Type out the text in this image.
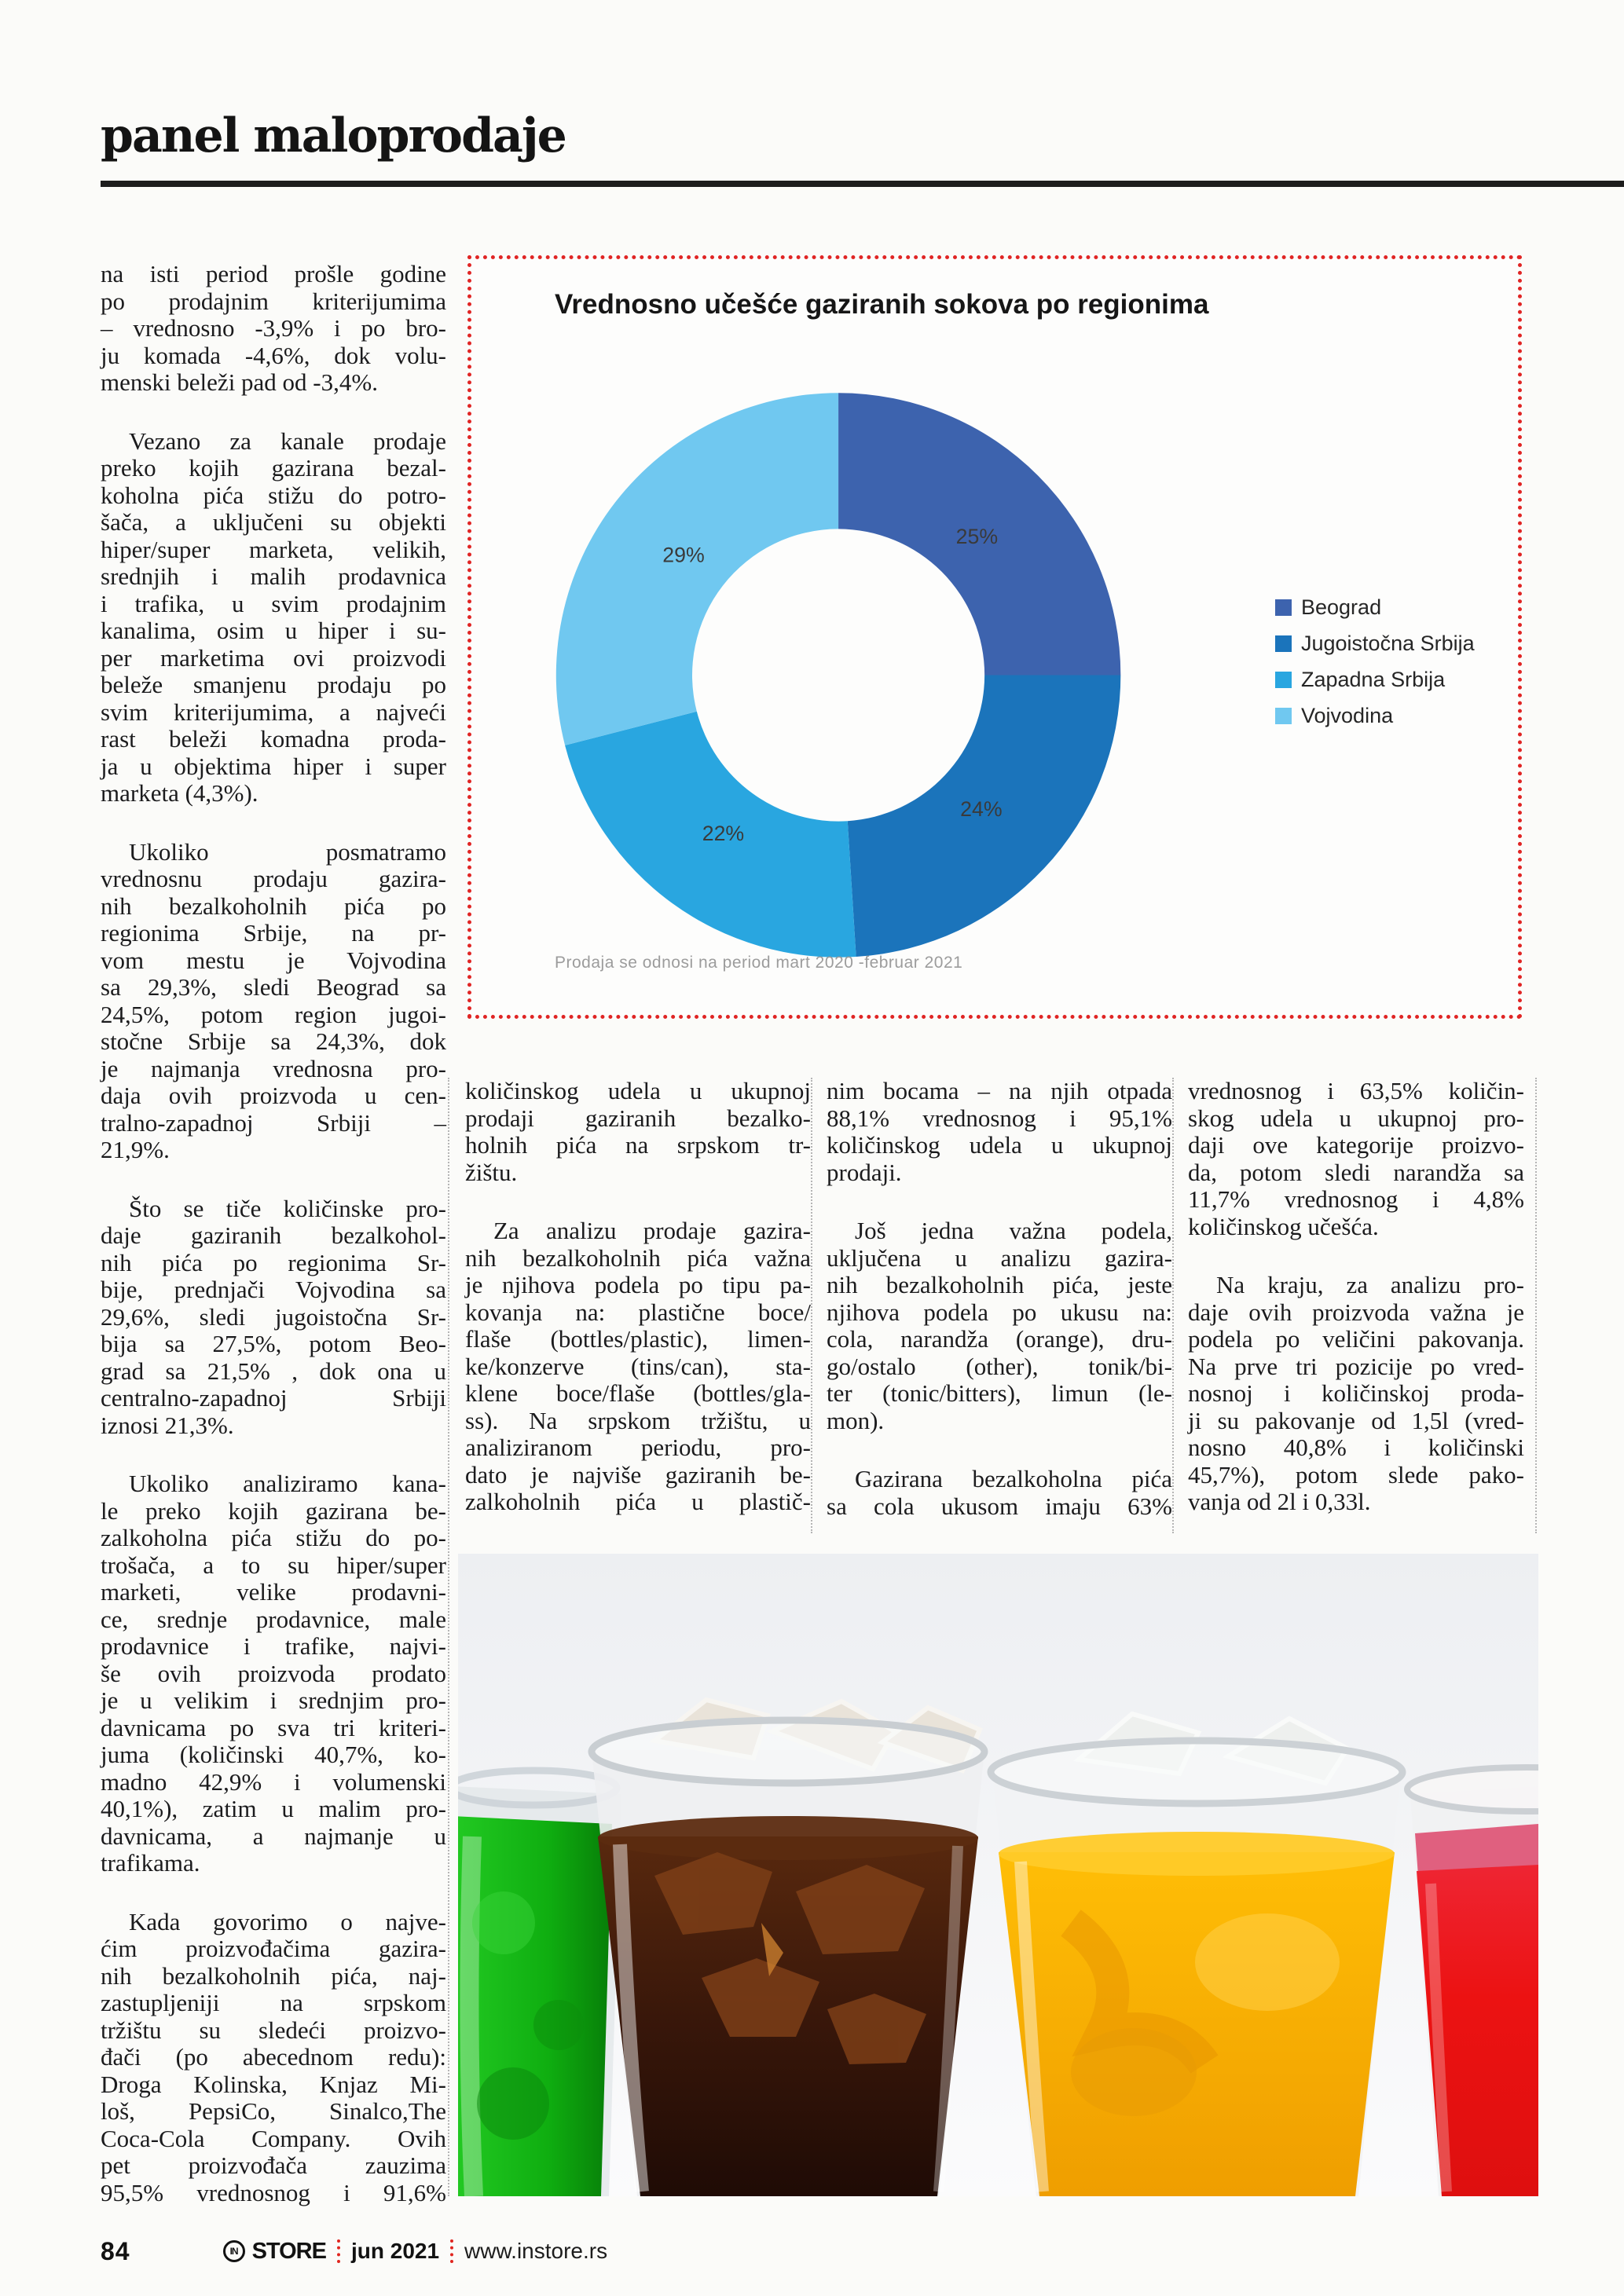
panel maloprodaje
Vrednosno učešće gaziranih sokova po regionima
25%
24%
22%
29%
Beograd
Jugoistočna Srbija
Zapadna Srbija
Vojvodina
Prodaja se odnosi na period mart 2020 -februar 2021
na isti period prošle godine
po prodajnim kriterijumima
– vrednosno -3,9% i po bro-
ju komada -4,6%, dok volu-
menski beleži pad od -3,4%.
Vezano za kanale prodaje
preko kojih gazirana bezal-
koholna pića stižu do potro-
šača, a uključeni su objekti
hiper/super marketa, velikih,
srednjih i malih prodavnica
i trafika, u svim prodajnim
kanalima, osim u hiper i su-
per marketima ovi proizvodi
beleže smanjenu prodaju po
svim kriterijumima, a najveći
rast beleži komadna proda-
ja u objektima hiper i super
marketa (4,3%).
Ukoliko posmatramo
vrednosnu prodaju gazira-
nih bezalkoholnih pića po
regionima Srbije, na pr-
vom mestu je Vojvodina
sa 29,3%, sledi Beograd sa
24,5%, potom region jugoi-
stočne Srbije sa 24,3%, dok
je najmanja vrednosna pro-
daja ovih proizvoda u cen-
tralno-zapadnoj Srbiji –
21,9%.
Što se tiče količinske pro-
daje gaziranih bezalkohol-
nih pića po regionima Sr-
bije, prednjači Vojvodina sa
29,6%, sledi jugoistočna Sr-
bija sa 27,5%, potom Beo-
grad sa 21,5% , dok ona u
centralno-zapadnoj Srbiji
iznosi 21,3%.
Ukoliko analiziramo kana-
le preko kojih gazirana be-
zalkoholna pića stižu do po-
trošača, a to su hiper/super
marketi, velike prodavni-
ce, srednje prodavnice, male
prodavnice i trafike, najvi-
še ovih proizvoda prodato
je u velikim i srednjim pro-
davnicama po sva tri kriteri-
juma (količinski 40,7%, ko-
madno 42,9% i volumenski
40,1%), zatim u malim pro-
davnicama, a najmanje u
trafikama.
Kada govorimo o najve-
ćim proizvođačima gazira-
nih bezalkoholnih pića, naj-
zastupljeniji na srpskom
tržištu su sledeći proizvo-
đači (po abecednom redu):
Droga Kolinska, Knjaz Mi-
loš, PepsiCo, Sinalco,The
Coca-Cola Company. Ovih
pet proizvođača zauzima
95,5% vrednosnog i 91,6%
količinskog udela u ukupnoj
prodaji gaziranih bezalko-
holnih pića na srpskom tr-
žištu.
Za analizu prodaje gazira-
nih bezalkoholnih pića važna
je njihova podela po tipu pa-
kovanja na: plastične boce/
flaše (bottles/plastic), limen-
ke/konzerve (tins/can), sta-
klene boce/flaše (bottles/gla-
ss). Na srpskom tržištu, u
analiziranom periodu, pro-
dato je najviše gaziranih be-
zalkoholnih pića u plastič-
nim bocama – na njih otpada
88,1% vrednosnog i 95,1%
količinskog udela u ukupnoj
prodaji.
Još jedna važna podela,
uključena u analizu gazira-
nih bezalkoholnih pića, jeste
njihova podela po ukusu na:
cola, narandža (orange), dru-
go/ostalo (other), tonik/bi-
ter (tonic/bitters), limun (le-
mon).
Gazirana bezalkoholna pića
sa cola ukusom imaju 63%
vrednosnog i 63,5% količin-
skog udela u ukupnoj pro-
daji ove kategorije proizvo-
da, potom sledi narandža sa
11,7% vrednosnog i 4,8%
količinskog učešća.
Na kraju, za analizu pro-
daje ovih proizvoda važna je
podela po veličini pakovanja.
Na prve tri pozicije po vred-
nosnoj i količinskoj proda-
ji su pakovanje od 1,5l (vred-
nosno 40,8% i količinski
45,7%), potom slede pako-
vanja od 2l i 0,33l.
84	IN STORE jun 2021 www.instore.rs
